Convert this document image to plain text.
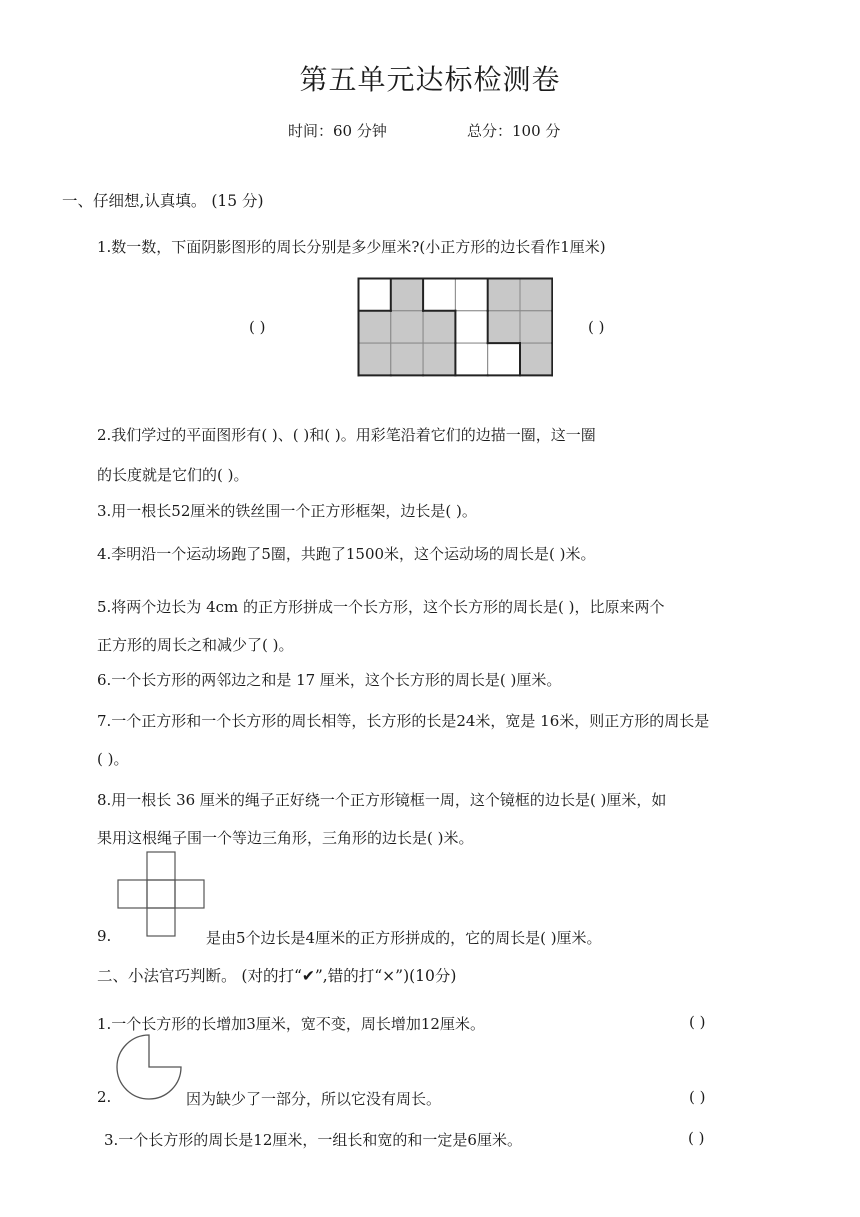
第五单元达标检测卷
时间：60 分钟	总分：100 分
一、仔细想,认真填。 (15 分)
1.数一数，下面阴影图形的周长分别是多少厘米?(小正方形的边长看作1厘米)
( )	( )
2.我们学过的平面图形有( )、( )和( )。用彩笔沿着它们的边描一圈，这一圈
的长度就是它们的( )。
3.用一根长52厘米的铁丝围一个正方形框架，边长是( )。
4.李明沿一个运动场跑了5圈，共跑了1500米，这个运动场的周长是( )米。
5.将两个边长为 4cm 的正方形拼成一个长方形，这个长方形的周长是( )，比原来两个
正方形的周长之和减少了( )。
6.一个长方形的两邻边之和是 17 厘米，这个长方形的周长是( )厘米。
7.一个正方形和一个长方形的周长相等，长方形的长是24米，宽是 16米，则正方形的周长是
( )。
8.用一根长 36 厘米的绳子正好绕一个正方形镜框一周，这个镜框的边长是( )厘米，如
果用这根绳子围一个等边三角形，三角形的边长是( )米。
9.	是由5个边长是4厘米的正方形拼成的，它的周长是( )厘米。
二、小法官巧判断。 (对的打“✔”,错的打“×”)(10分)
1.一个长方形的长增加3厘米，宽不变，周长增加12厘米。	( )
2.	因为缺少了一部分，所以它没有周长。	( )
3.一个长方形的周长是12厘米，一组长和宽的和一定是6厘米。	( )
